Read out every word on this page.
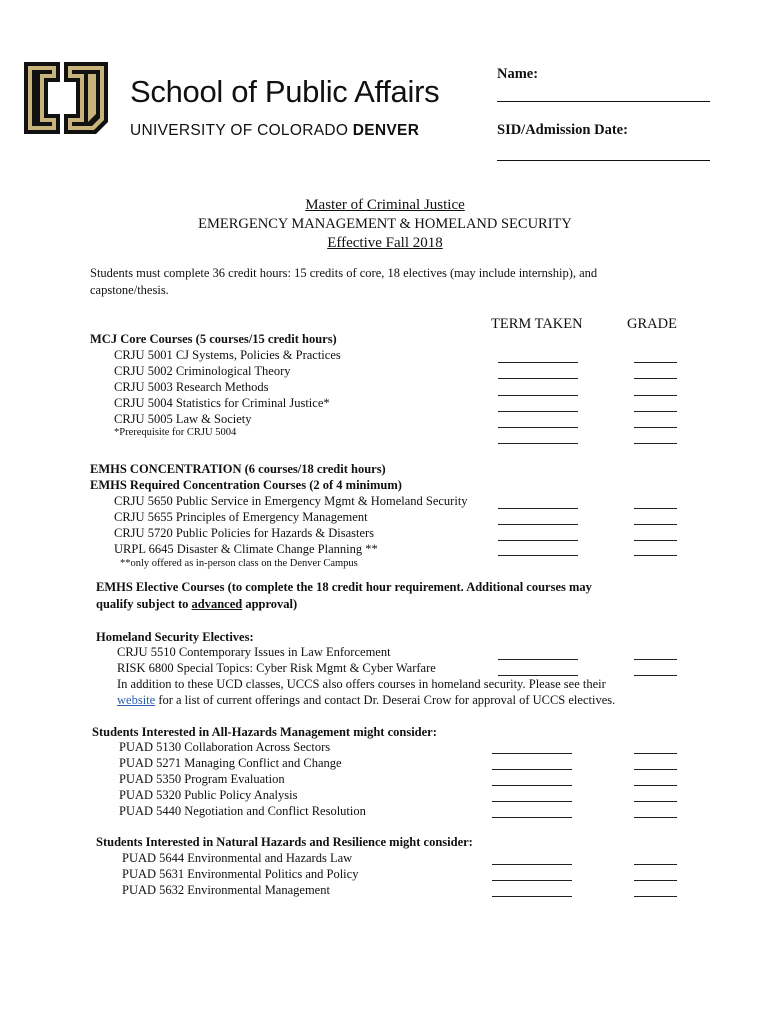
School of Public Affairs
UNIVERSITY OF COLORADO DENVER
Name:
SID/Admission Date:
Master of Criminal Justice
EMERGENCY MANAGEMENT & HOMELAND SECURITY
Effective Fall 2018
Students must complete 36 credit hours: 15 credits of core, 18 electives (may include internship), and capstone/thesis.
TERM TAKEN	GRADE
MCJ Core Courses (5 courses/15 credit hours)
CRJU 5001 CJ Systems, Policies & Practices
CRJU 5002 Criminological Theory
CRJU 5003 Research Methods
CRJU 5004 Statistics for Criminal Justice*
CRJU 5005 Law & Society
*Prerequisite for CRJU 5004
EMHS CONCENTRATION (6 courses/18 credit hours)
EMHS Required Concentration Courses (2 of 4 minimum)
CRJU 5650 Public Service in Emergency Mgmt & Homeland Security
CRJU 5655 Principles of Emergency Management
CRJU 5720 Public Policies for Hazards & Disasters
URPL 6645 Disaster & Climate Change Planning **
**only offered as in-person class on the Denver Campus
EMHS Elective Courses (to complete the 18 credit hour requirement. Additional courses may
qualify subject to advanced approval)
Homeland Security Electives:
CRJU 5510 Contemporary Issues in Law Enforcement
RISK 6800 Special Topics: Cyber Risk Mgmt & Cyber Warfare
In addition to these UCD classes, UCCS also offers courses in homeland security. Please see their
website for a list of current offerings and contact Dr. Deserai Crow for approval of UCCS electives.
Students Interested in All-Hazards Management might consider:
PUAD 5130 Collaboration Across Sectors
PUAD 5271 Managing Conflict and Change
PUAD 5350 Program Evaluation
PUAD 5320 Public Policy Analysis
PUAD 5440 Negotiation and Conflict Resolution
Students Interested in Natural Hazards and Resilience might consider:
PUAD 5644 Environmental and Hazards Law
PUAD 5631 Environmental Politics and Policy
PUAD 5632 Environmental Management
